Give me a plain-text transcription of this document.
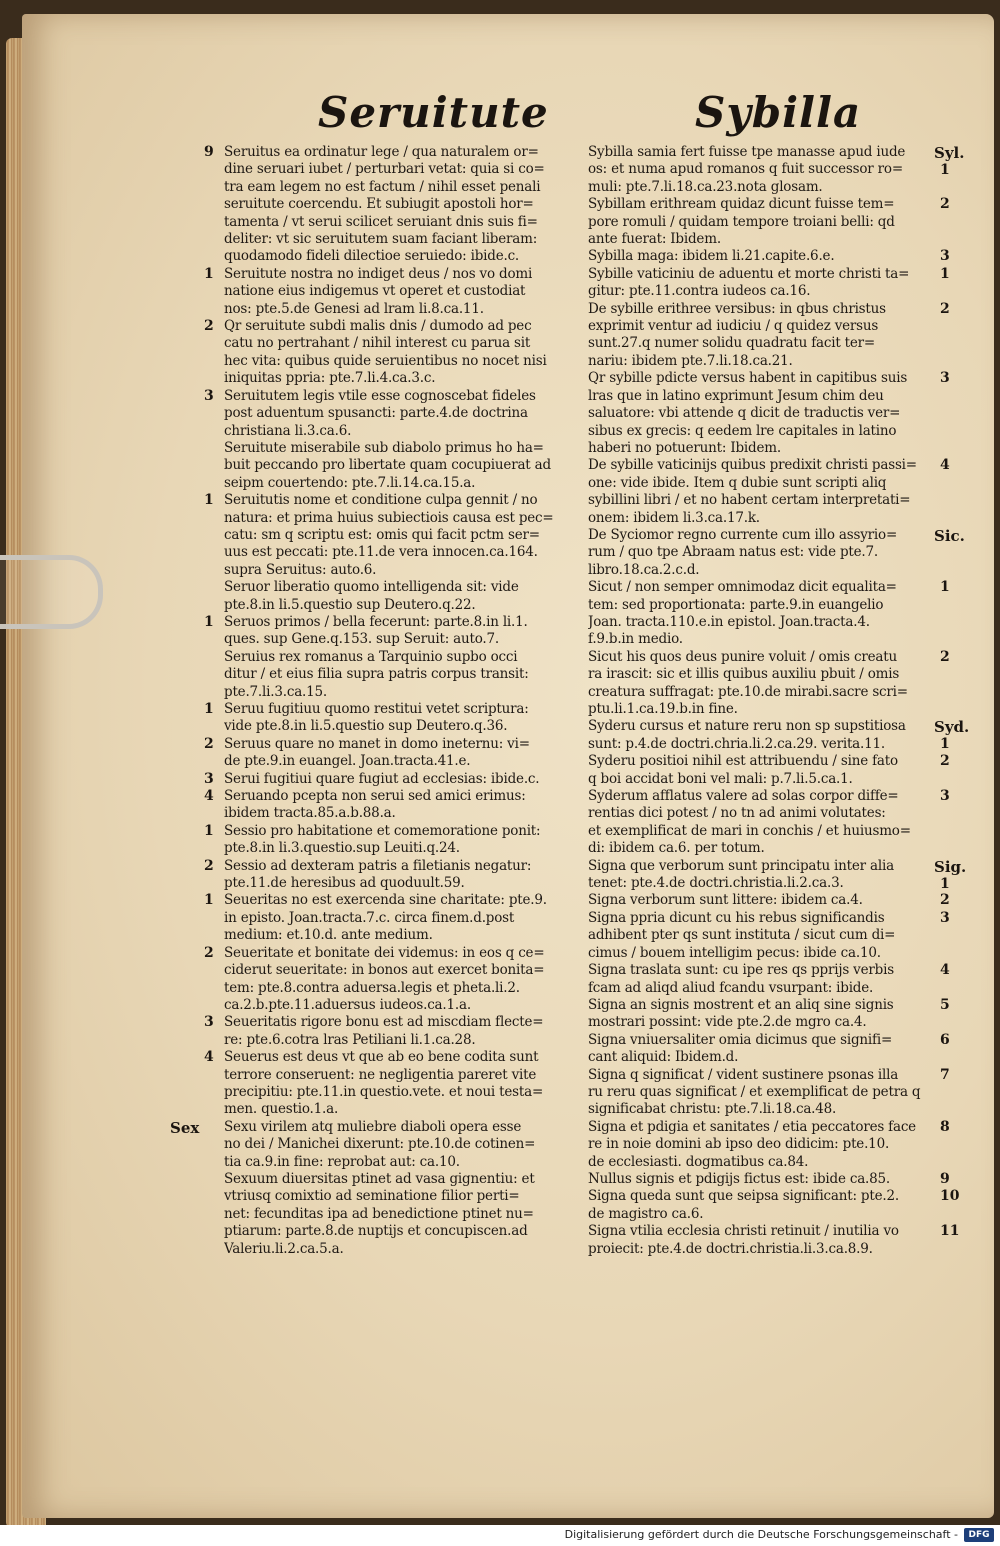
Seruitute	Sybilla
9 Seruitus ea ordinatur lege / qua naturalem or=

dine seruari iubet / perturbari vetat: quia si co=

tra eam legem no est factum / nihil esset penali

seruitute coercendu. Et subiugit apostoli hor=

tamenta / vt serui scilicet seruiant dnis suis fi=

deliter: vt sic seruitutem suam faciant liberam:

quodamodo fideli dilectioe seruiedo: ibide.c.

1 Seruitute nostra no indiget deus / nos vo domi

natione eius indigemus vt operet et custodiat

nos: pte.5.de Genesi ad lram li.8.ca.11.

2 Qr seruitute subdi malis dnis / dumodo ad pec

catu no pertrahant / nihil interest cu parua sit

hec vita: quibus quide seruientibus no nocet nisi

iniquitas ppria: pte.7.li.4.ca.3.c.

3 Seruitutem legis vtile esse cognoscebat fideles

post aduentum spusancti: parte.4.de doctrina

christiana li.3.ca.6.

Seruitute miserabile sub diabolo primus ho ha=

buit peccando pro libertate quam cocupiuerat ad

seipm couertendo: pte.7.li.14.ca.15.a.

1 Seruitutis nome et conditione culpa gennit / no

natura: et prima huius subiectiois causa est pec=

catu: sm q scriptu est: omis qui facit pctm ser=

uus est peccati: pte.11.de vera innocen.ca.164.

supra Seruitus: auto.6.

Seruor liberatio quomo intelligenda sit: vide

pte.8.in li.5.questio sup Deutero.q.22.

1 Seruos primos / bella fecerunt: parte.8.in li.1.

ques. sup Gene.q.153. sup Seruit: auto.7.

Seruius rex romanus a Tarquinio supbo occi

ditur / et eius filia supra patris corpus transit:

pte.7.li.3.ca.15.

1 Seruu fugitiuu quomo restitui vetet scriptura:

vide pte.8.in li.5.questio sup Deutero.q.36.

2 Seruus quare no manet in domo ineternu: vi=

de pte.9.in euangel. Joan.tracta.41.e.

3 Serui fugitiui quare fugiut ad ecclesias: ibide.c.

4 Seruando pcepta non serui sed amici erimus:

ibidem tracta.85.a.b.88.a.

1 Sessio pro habitatione et comemoratione ponit:

pte.8.in li.3.questio.sup Leuiti.q.24.

2 Sessio ad dexteram patris a filetianis negatur:

pte.11.de heresibus ad quoduult.59.

1 Seueritas no est exercenda sine charitate: pte.9.

in episto. Joan.tracta.7.c. circa finem.d.post

medium: et.10.d. ante medium.

2 Seueritate et bonitate dei videmus: in eos q ce=

ciderut seueritate: in bonos aut exercet bonita=

tem: pte.8.contra aduersa.legis et pheta.li.2.

ca.2.b.pte.11.aduersus iudeos.ca.1.a.

3 Seueritatis rigore bonu est ad miscdiam flecte=

re: pte.6.cotra lras Petiliani li.1.ca.28.

4 Seuerus est deus vt que ab eo bene codita sunt

terrore conseruent: ne negligentia pareret vite

precipitiu: pte.11.in questio.vete. et noui testa=

men. questio.1.a.

Sex Sexu virilem atq muliebre diaboli opera esse

no dei / Manichei dixerunt: pte.10.de cotinen=

tia ca.9.in fine: reprobat aut: ca.10.

Sexuum diuersitas ptinet ad vasa gignentiu: et

vtriusq comixtio ad seminatione filior perti=

net: fecunditas ipa ad benedictione ptinet nu=

ptiarum: parte.8.de nuptijs et concupiscen.ad

Valeriu.li.2.ca.5.a.

1
Syl.

Sybilla samia fert fuisse tpe manasse apud iude

os: et numa apud romanos q fuit successor ro=

muli: pte.7.li.18.ca.23.nota glosam.

2

Sybillam erithream quidaz dicunt fuisse tem=

pore romuli / quidam tempore troiani belli: qd

ante fuerat: Ibidem.

3

Sybilla maga: ibidem li.21.capite.6.e.

1

Sybille vaticiniu de aduentu et morte christi ta=

gitur: pte.11.contra iudeos ca.16.

2

De sybille erithree versibus: in qbus christus

exprimit ventur ad iudiciu / q quidez versus

sunt.27.q numer solidu quadratu facit ter=

nariu: ibidem pte.7.li.18.ca.21.

3

Qr sybille pdicte versus habent in capitibus suis

lras que in latino exprimunt Jesum chim deu

saluatore: vbi attende q dicit de traductis ver=

sibus ex grecis: q eedem lre capitales in latino

haberi no potuerunt: Ibidem.

4

De sybille vaticinijs quibus predixit christi passi=

one: vide ibide. Item q dubie sunt scripti aliq

sybillini libri / et no habent certam interpretati=

onem: ibidem li.3.ca.17.k.

Sic.

De Syciomor regno currente cum illo assyrio=

rum / quo tpe Abraam natus est: vide pte.7.

libro.18.ca.2.c.d.

1

Sicut / non semper omnimodaz dicit equalita=

tem: sed proportionata: parte.9.in euangelio

Joan. tracta.110.e.in epistol. Joan.tracta.4.

f.9.b.in medio.

2

Sicut his quos deus punire voluit / omis creatu

ra irascit: sic et illis quibus auxiliu pbuit / omis

creatura suffragat: pte.10.de mirabi.sacre scri=

ptu.li.1.ca.19.b.in fine.

1
Syd.

Syderu cursus et nature reru non sp supstitiosa

sunt: p.4.de doctri.chria.li.2.ca.29. verita.11.

2

Syderu positioi nihil est attribuendu / sine fato

q boi accidat boni vel mali: p.7.li.5.ca.1.

3

Syderum afflatus valere ad solas corpor diffe=

rentias dici potest / no tn ad animi volutates:

et exemplificat de mari in conchis / et huiusmo=

di: ibidem ca.6. per totum.

1
Sig.

Signa que verborum sunt principatu inter alia

tenet: pte.4.de doctri.christia.li.2.ca.3.

2

Signa verborum sunt littere: ibidem ca.4.

3

Signa ppria dicunt cu his rebus significandis

adhibent pter qs sunt instituta / sicut cum di=

cimus / bouem intelligim pecus: ibide ca.10.

4

Signa traslata sunt: cu ipe res qs pprijs verbis

fcam ad aliqd aliud fcandu vsurpant: ibide.

5

Signa an signis mostrent et an aliq sine signis

mostrari possint: vide pte.2.de mgro ca.4.

6

Signa vniuersaliter omia dicimus que signifi=

cant aliquid: Ibidem.d.

7

Signa q significat / vident sustinere psonas illa

ru reru quas significat / et exemplificat de petra q

significabat christu: pte.7.li.18.ca.48.

8

Signa et pdigia et sanitates / etia peccatores face

re in noie domini ab ipso deo didicim: pte.10.

de ecclesiasti. dogmatibus ca.84.

9

Nullus signis et pdigijs fictus est: ibide ca.85.

10

Signa queda sunt que seipsa significant: pte.2.

de magistro ca.6.

11

Signa vtilia ecclesia christi retinuit / inutilia vo

proiecit: pte.4.de doctri.christia.li.3.ca.8.9.

Digitalisierung gefördert durch die Deutsche Forschungsgemeinschaft -	DFG
